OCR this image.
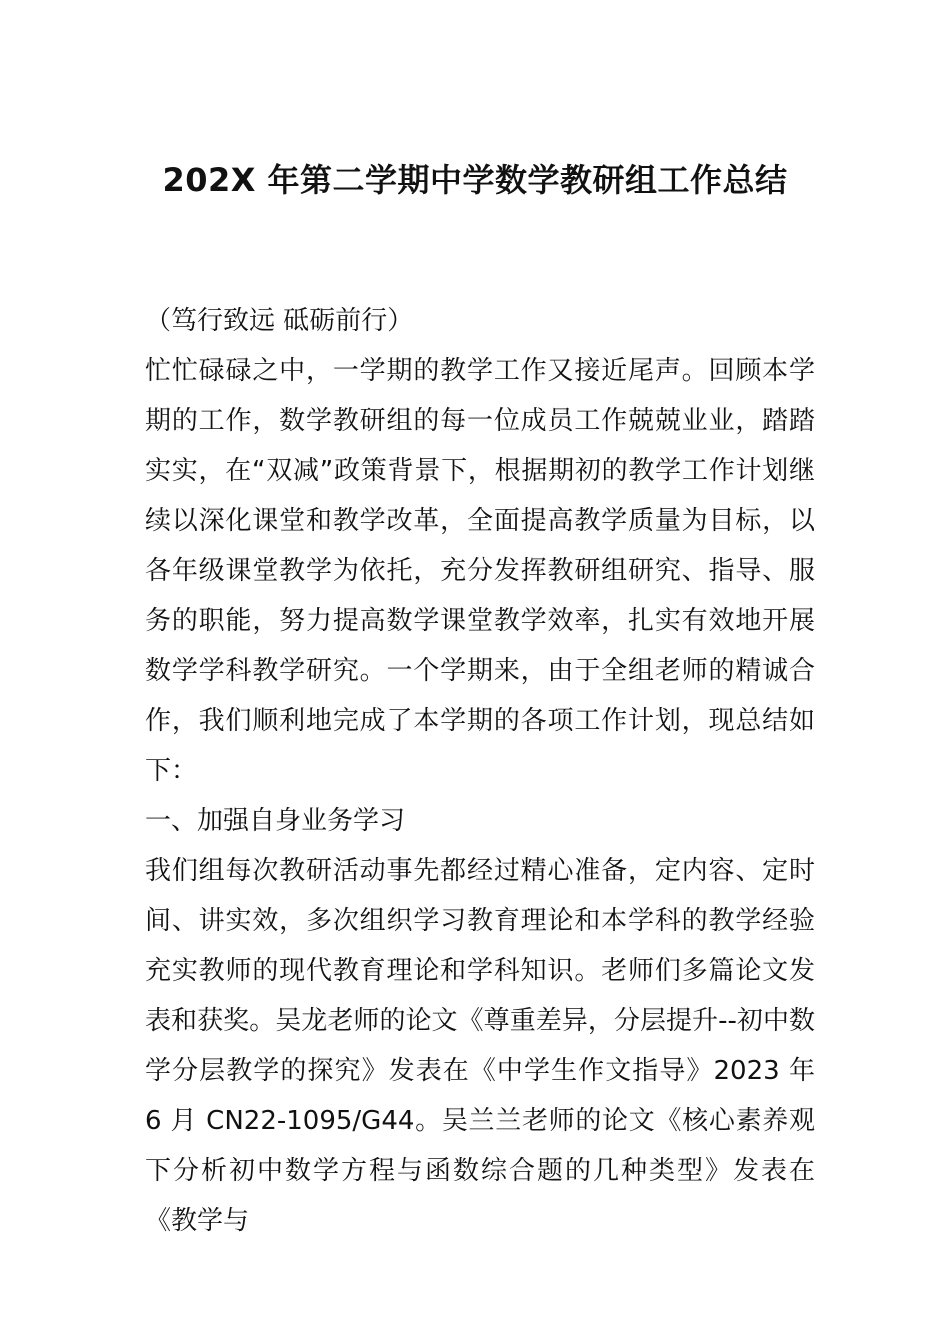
202X 年第二学期中学数学教研组工作总结

（笃行致远 砥砺前行）

忙忙碌碌之中，一学期的教学工作又接近尾声。回顾本学期的工作，数学教研组的每一位成员工作兢兢业业，踏踏实实，在“双减”政策背景下，根据期初的教学工作计划继续以深化课堂和教学改革，全面提高教学质量为目标，以各年级课堂教学为依托，充分发挥教研组研究、指导、服务的职能，努力提高数学课堂教学效率，扎实有效地开展数学学科教学研究。一个学期来，由于全组老师的精诚合作，我们顺利地完成了本学期的各项工作计划，现总结如下：

一、加强自身业务学习

我们组每次教研活动事先都经过精心准备，定内容、定时间、讲实效，多次组织学习教育理论和本学科的教学经验充实教师的现代教育理论和学科知识。老师们多篇论文发表和获奖。吴龙老师的论文《尊重差异，分层提升--初中数学分层教学的探究》发表在《中学生作文指导》2023 年 6 月 CN22-1095/G44。吴兰兰老师的论文《核心素养观下分析初中数学方程与函数综合题的几种类型》发表在《教学与
